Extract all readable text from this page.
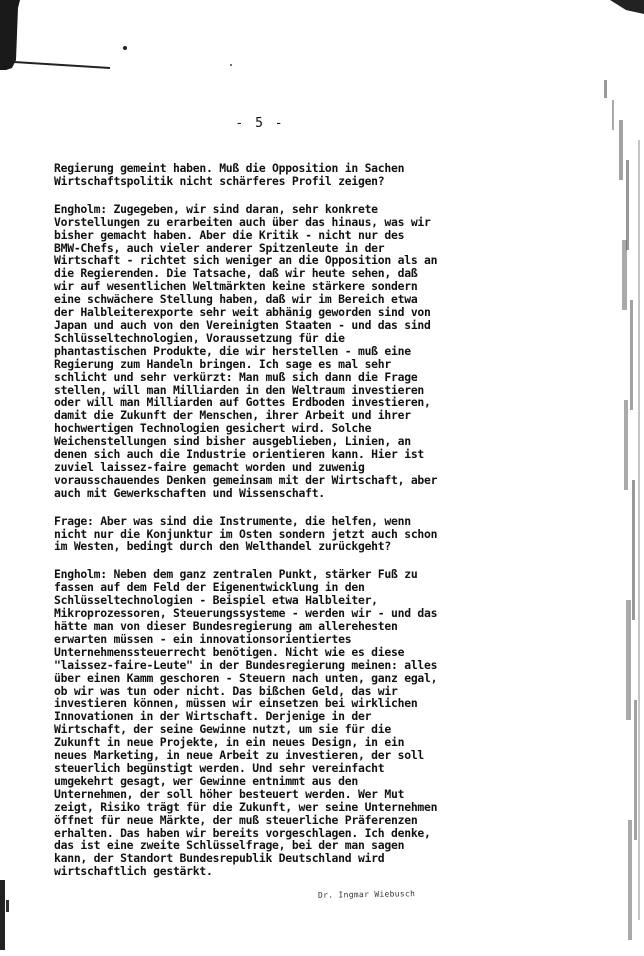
- 5 -

Regierung gemeint haben. Muß die Opposition in Sachen
Wirtschaftspolitik nicht schärferes Profil zeigen?

Engholm: Zugegeben, wir sind daran, sehr konkrete
Vorstellungen zu erarbeiten auch über das hinaus, was wir
bisher gemacht haben. Aber die Kritik - nicht nur des
BMW-Chefs, auch vieler anderer Spitzenleute in der
Wirtschaft - richtet sich weniger an die Opposition als an
die Regierenden. Die Tatsache, daß wir heute sehen, daß
wir auf wesentlichen Weltmärkten keine stärkere sondern
eine schwächere Stellung haben, daß wir im Bereich etwa
der Halbleiterexporte sehr weit abhänig geworden sind von
Japan und auch von den Vereinigten Staaten - und das sind
Schlüsseltechnologien, Voraussetzung für die
phantastischen Produkte, die wir herstellen - muß eine
Regierung zum Handeln bringen. Ich sage es mal sehr
schlicht und sehr verkürzt: Man muß sich dann die Frage
stellen, will man Milliarden in den Weltraum investieren
oder will man Milliarden auf Gottes Erdboden investieren,
damit die Zukunft der Menschen, ihrer Arbeit und ihrer
hochwertigen Technologien gesichert wird. Solche
Weichenstellungen sind bisher ausgeblieben, Linien, an
denen sich auch die Industrie orientieren kann. Hier ist
zuviel laissez-faire gemacht worden und zuwenig
vorausschauendes Denken gemeinsam mit der Wirtschaft, aber
auch mit Gewerkschaften und Wissenschaft.

Frage: Aber was sind die Instrumente, die helfen, wenn
nicht nur die Konjunktur im Osten sondern jetzt auch schon
im Westen, bedingt durch den Welthandel zurückgeht?

Engholm: Neben dem ganz zentralen Punkt, stärker Fuß zu
fassen auf dem Feld der Eigenentwicklung in den
Schlüsseltechnologien - Beispiel etwa Halbleiter,
Mikroprozessoren, Steuerungssysteme - werden wir - und das
hätte man von dieser Bundesregierung am allerehesten
erwarten müssen - ein innovationsorientiertes
Unternehmenssteuerrecht benötigen. Nicht wie es diese
"laissez-faire-Leute" in der Bundesregierung meinen: alles
über einen Kamm geschoren - Steuern nach unten, ganz egal,
ob wir was tun oder nicht. Das bißchen Geld, das wir
investieren können, müssen wir einsetzen bei wirklichen
Innovationen in der Wirtschaft. Derjenige in der
Wirtschaft, der seine Gewinne nutzt, um sie für die
Zukunft in neue Projekte, in ein neues Design, in ein
neues Marketing, in neue Arbeit zu investieren, der soll
steuerlich begünstigt werden. Und sehr vereinfacht
umgekehrt gesagt, wer Gewinne entnimmt aus den
Unternehmen, der soll höher besteuert werden. Wer Mut
zeigt, Risiko trägt für die Zukunft, wer seine Unternehmen
öffnet für neue Märkte, der muß steuerliche Präferenzen
erhalten. Das haben wir bereits vorgeschlagen. Ich denke,
das ist eine zweite Schlüsselfrage, bei der man sagen
kann, der Standort Bundesrepublik Deutschland wird
wirtschaftlich gestärkt.

Dr. Ingmar Wiebusch
